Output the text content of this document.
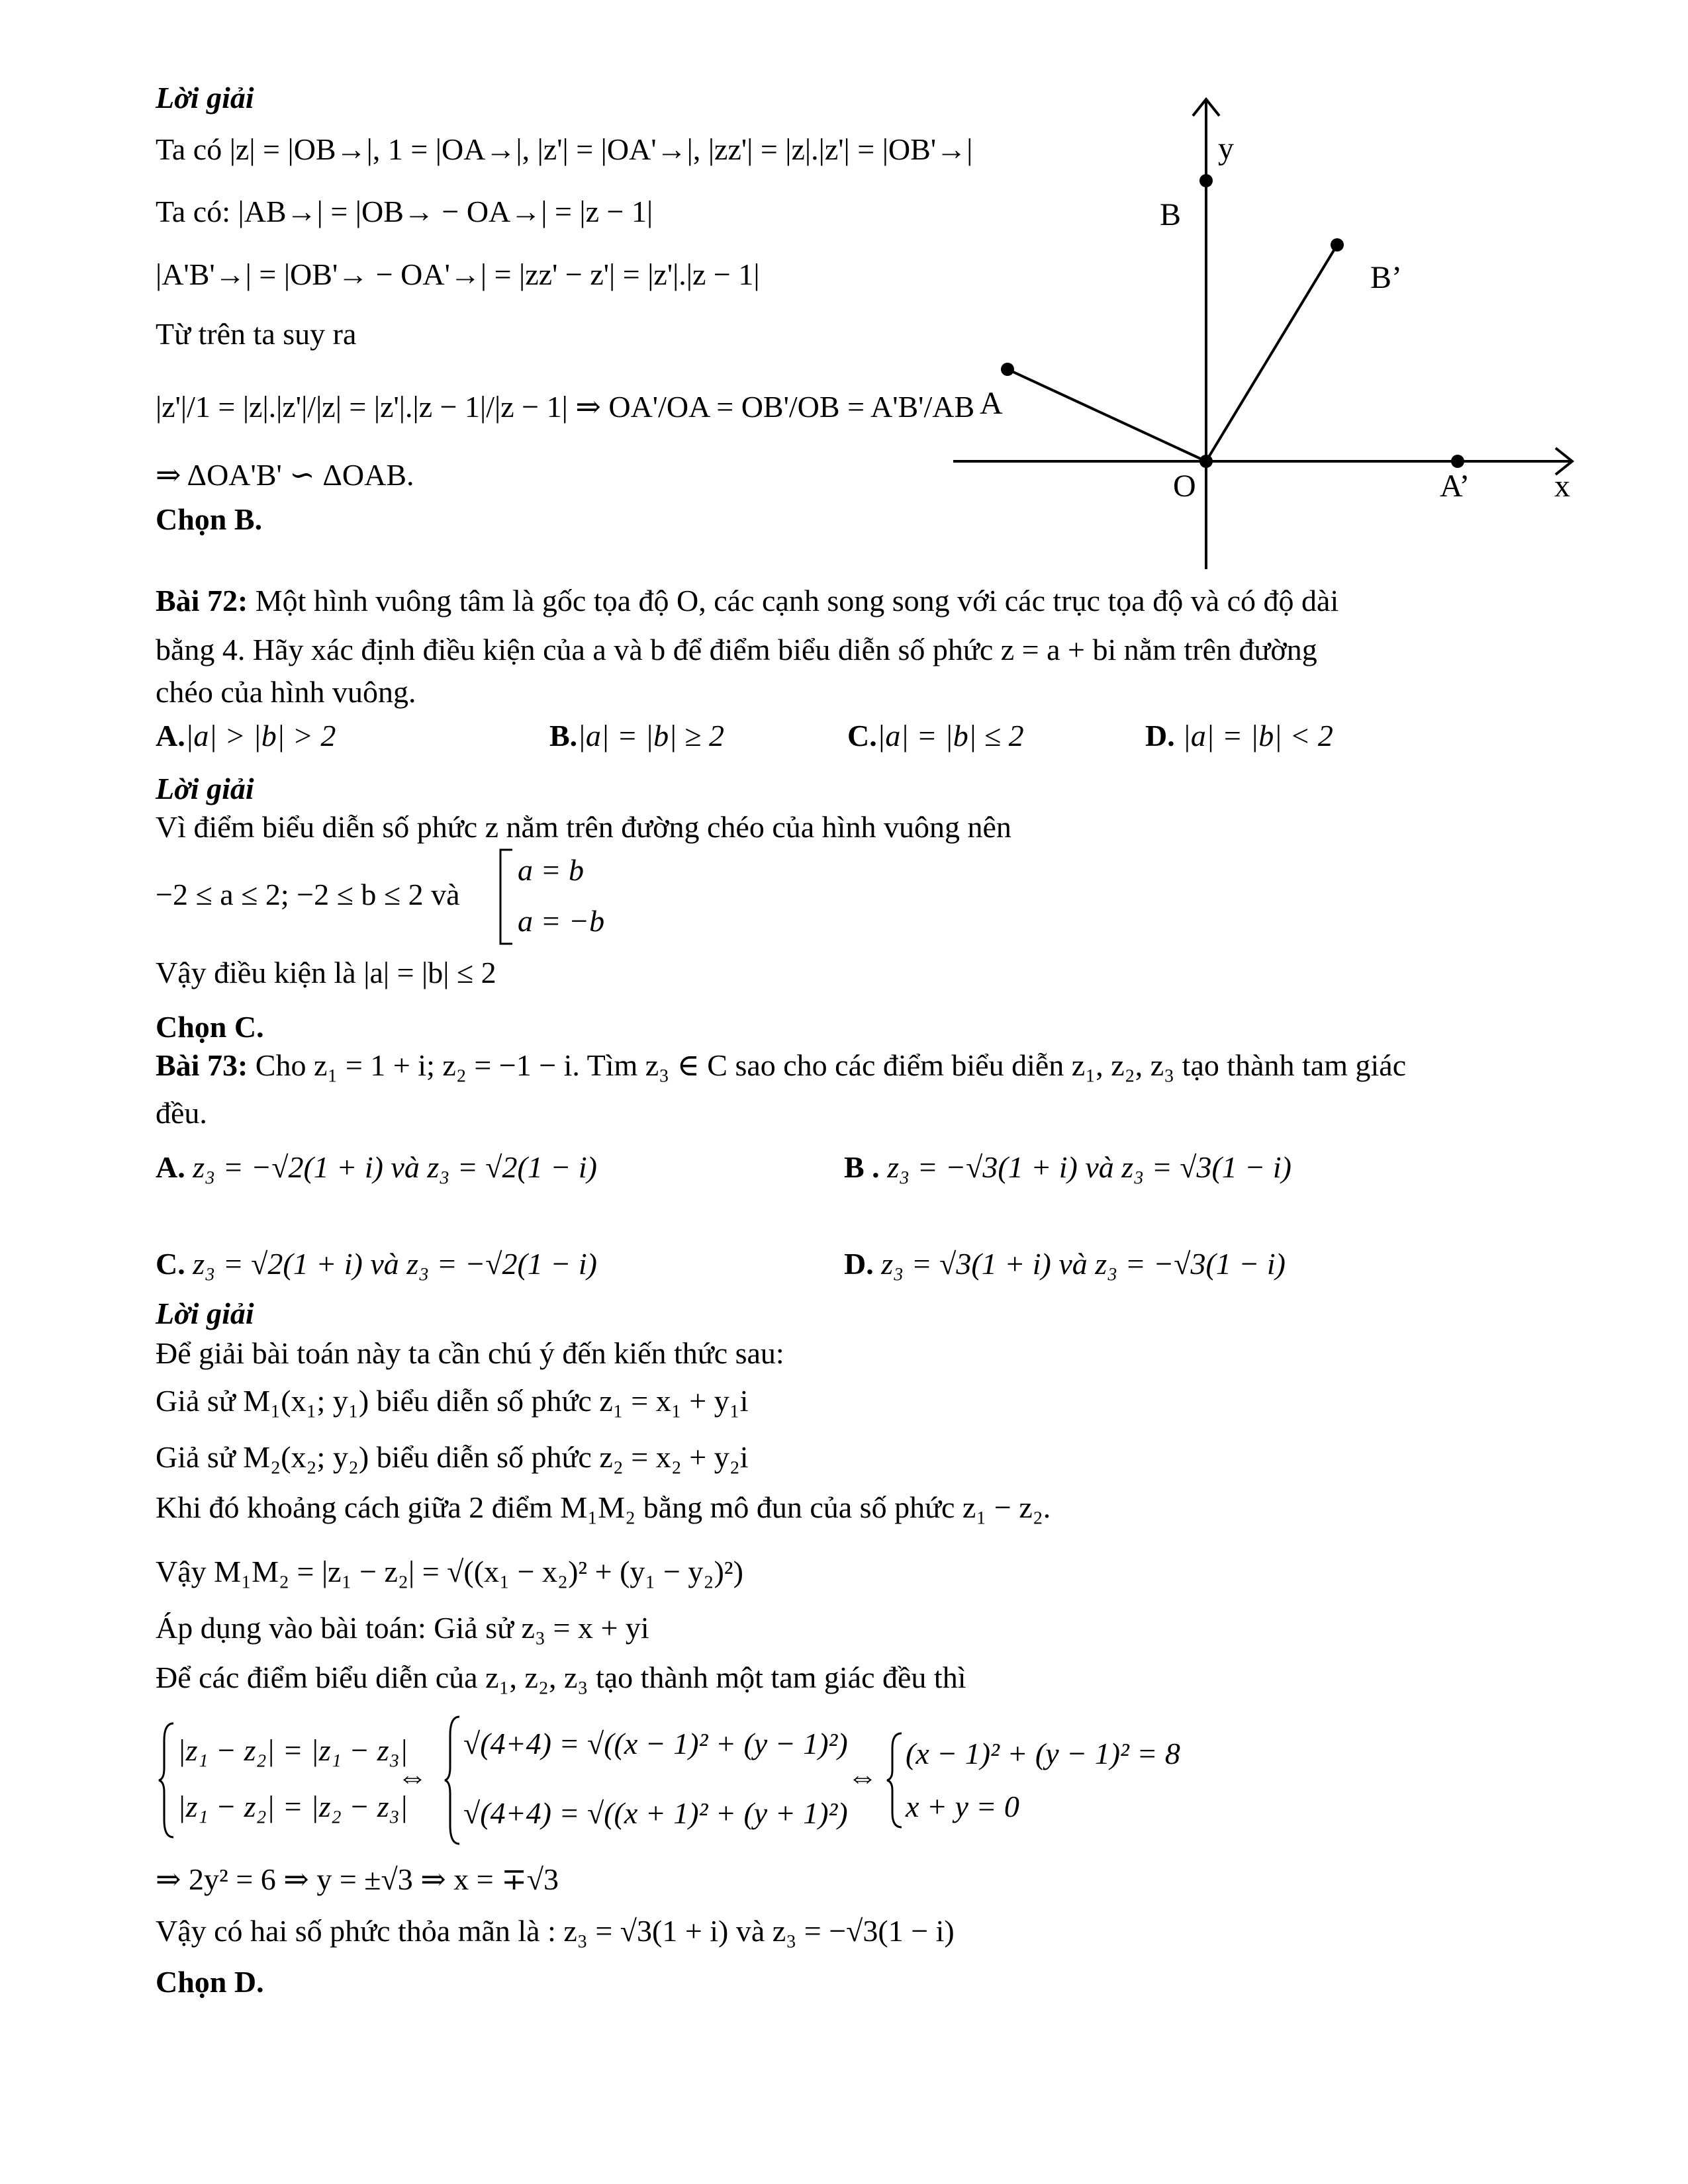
Lời giải
Ta có |z| = |OB→|, 1 = |OA→|, |z'| = |OA'→|, |zz'| = |z|.|z'| = |OB'→|
Ta có: |AB→| = |OB→ − OA→| = |z − 1|
|A'B'→| = |OB'→ − OA'→| = |zz' − z'| = |z'|.|z − 1|
Từ trên ta suy ra
|z'|/1 = |z|.|z'|/|z| = |z'|.|z − 1|/|z − 1| ⇒ OA'/OA = OB'/OB = A'B'/AB
⇒ ΔOA'B' ∽ ΔOAB.
Chọn B.
y
B
B’
A
O	A’	x
Bài 72: Một hình vuông tâm là gốc tọa độ O, các cạnh song song với các trục tọa độ và có độ dài
bằng 4. Hãy xác định điều kiện của a và b để điểm biểu diễn số phức z = a + bi nằm trên đường
chéo của hình vuông.
A.|a| > |b| > 2	B.|a| = |b| ≥ 2	C.|a| = |b| ≤ 2	D. |a| = |b| < 2
Lời giải
Vì điểm biểu diễn số phức z nằm trên đường chéo của hình vuông nên
−2 ≤ a ≤ 2; −2 ≤ b ≤ 2 và
a = b
a = −b
Vậy điều kiện là |a| = |b| ≤ 2
Chọn C.
Bài 73: Cho z₁ = 1 + i; z₂ = −1 − i. Tìm z₃ ∈ C sao cho các điểm biểu diễn z₁, z₂, z₃ tạo thành tam giác
đều.
A. z₃ = −√2(1 + i) và z₃ = √2(1 − i)	B . z₃ = −√3(1 + i) và z₃ = √3(1 − i)
C. z₃ = √2(1 + i) và z₃ = −√2(1 − i)	D. z₃ = √3(1 + i) và z₃ = −√3(1 − i)
Lời giải
Để giải bài toán này ta cần chú ý đến kiến thức sau:
Giả sử M₁(x₁; y₁) biểu diễn số phức z₁ = x₁ + y₁i
Giả sử M₂(x₂; y₂) biểu diễn số phức z₂ = x₂ + y₂i
Khi đó khoảng cách giữa 2 điểm M₁M₂ bằng mô đun của số phức z₁ − z₂.
Vậy M₁M₂ = |z₁ − z₂| = √((x₁ − x₂)² + (y₁ − y₂)²)
Áp dụng vào bài toán: Giả sử z₃ = x + yi
Để các điểm biểu diễn của z₁, z₂, z₃ tạo thành một tam giác đều thì
|z₁ − z₂| = |z₁ − z₃|
|z₁ − z₂| = |z₂ − z₃|
⇔
√(4+4) = √((x − 1)² + (y − 1)²)
√(4+4) = √((x + 1)² + (y + 1)²)
⇔
(x − 1)² + (y − 1)² = 8
x + y = 0
⇒ 2y² = 6 ⇒ y = ±√3 ⇒ x = ∓√3
Vậy có hai số phức thỏa mãn là : z₃ = √3(1 + i) và z₃ = −√3(1 − i)
Chọn D.
